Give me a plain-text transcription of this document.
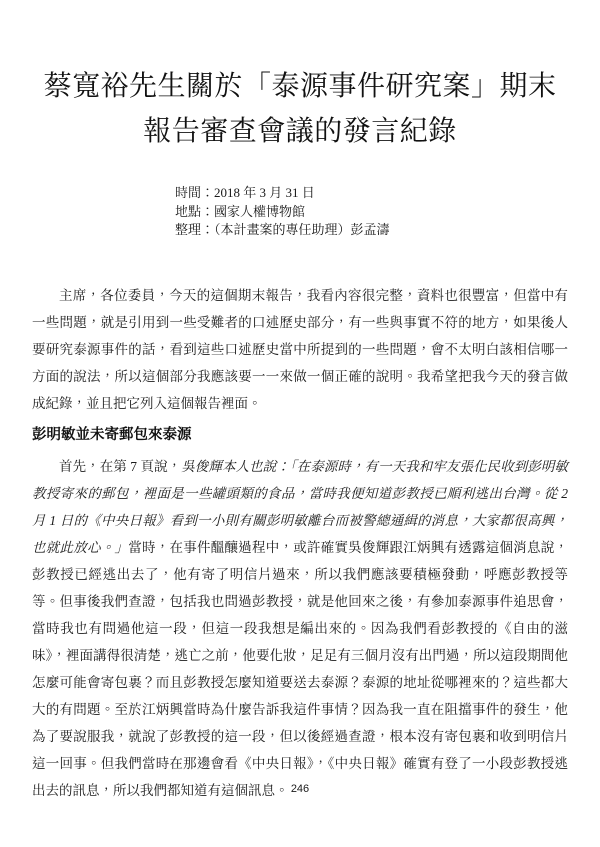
蔡寬裕先生關於「泰源事件研究案」期末報告審查會議的發言紀錄
時間：2018 年 3 月 31 日
地點：國家人權博物館
整理：（本計畫案的專任助理）彭孟濤

主席，各位委員，今天的這個期末報告，我看內容很完整，資料也很豐富，但當中有一些問題，就是引用到一些受難者的口述歷史部分，有一些與事實不符的地方，如果後人要研究泰源事件的話，看到這些口述歷史當中所提到的一些問題，會不太明白該相信哪一方面的說法，所以這個部分我應該要一一來做一個正確的說明。我希望把我今天的發言做成紀錄，並且把它列入這個報告裡面。

彭明敏並未寄郵包來泰源

首先，在第 7 頁說，吳俊輝本人也說：「在泰源時，有一天我和牢友張化民收到彭明敏教授寄來的郵包，裡面是一些罐頭類的食品，當時我便知道彭教授已順利逃出台灣。從 2 月 1 日的《中央日報》看到一小則有關彭明敏離台而被警總通緝的消息，大家都很高興，也就此放心。」當時，在事件醞釀過程中，或許確實吳俊輝跟江炳興有透露這個消息說，彭教授已經逃出去了，他有寄了明信片過來，所以我們應該要積極發動，呼應彭教授等等。但事後我們查證，包括我也問過彭教授，就是他回來之後，有參加泰源事件追思會，當時我也有問過他這一段，但這一段我想是編出來的。因為我們看彭教授的《自由的滋味》，裡面講得很清楚，逃亡之前，他要化妝，足足有三個月沒有出門過，所以這段期間他怎麼可能會寄包裹？而且彭教授怎麼知道要送去泰源？泰源的地址從哪裡來的？這些都大大的有問題。至於江炳興當時為什麼告訴我這件事情？因為我一直在阻擋事件的發生，他為了要說服我，就說了彭教授的這一段，但以後經過查證，根本沒有寄包裹和收到明信片這一回事。但我們當時在那邊會看《中央日報》，《中央日報》確實有登了一小段彭教授逃出去的訊息，所以我們都知道有這個訊息。 246
